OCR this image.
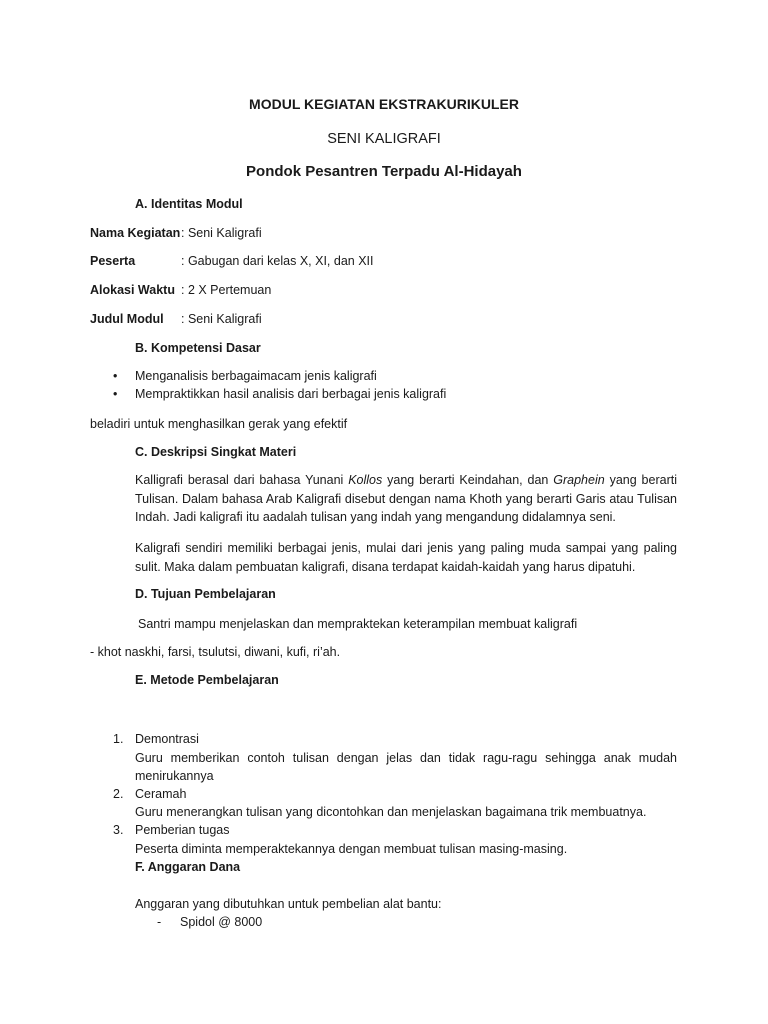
MODUL KEGIATAN EKSTRAKURIKULER
SENI KALIGRAFI
Pondok Pesantren Terpadu Al-Hidayah
A. Identitas Modul
Nama Kegiatan: Seni Kaligrafi
Peserta	: Gabugan dari kelas X, XI, dan XII
Alokasi Waktu : 2 X Pertemuan
Judul Modul : Seni Kaligrafi
B. Kompetensi Dasar
• Menganalisis berbagaimacam jenis kaligrafi
• Mempraktikkan hasil analisis dari berbagai jenis kaligrafi
beladiri untuk menghasilkan gerak yang efektif
C. Deskripsi Singkat Materi
Kalligrafi berasal dari bahasa Yunani Kollos yang berarti Keindahan, dan Graphein yang berarti Tulisan. Dalam bahasa Arab Kaligrafi disebut dengan nama Khoth yang berarti Garis atau Tulisan Indah. Jadi kaligrafi itu aadalah tulisan yang indah yang mengandung didalamnya seni.
Kaligrafi sendiri memiliki berbagai jenis, mulai dari jenis yang paling muda sampai yang paling sulit. Maka dalam pembuatan kaligrafi, disana terdapat kaidah-kaidah yang harus dipatuhi.
D. Tujuan Pembelajaran
Santri mampu menjelaskan dan mempraktekan keterampilan membuat kaligrafi
- khot naskhi, farsi, tsulutsi, diwani, kufi, ri’ah.
E. Metode Pembelajaran
1. Demontrasi
Guru memberikan contoh tulisan dengan jelas dan tidak ragu-ragu sehingga anak mudah menirukannya
2. Ceramah
Guru menerangkan tulisan yang dicontohkan dan menjelaskan bagaimana trik membuatnya.
3. Pemberian tugas
Peserta diminta memperaktekannya dengan membuat tulisan masing-masing.
F. Anggaran Dana
Anggaran yang dibutuhkan untuk pembelian alat bantu:
- Spidol @ 8000
